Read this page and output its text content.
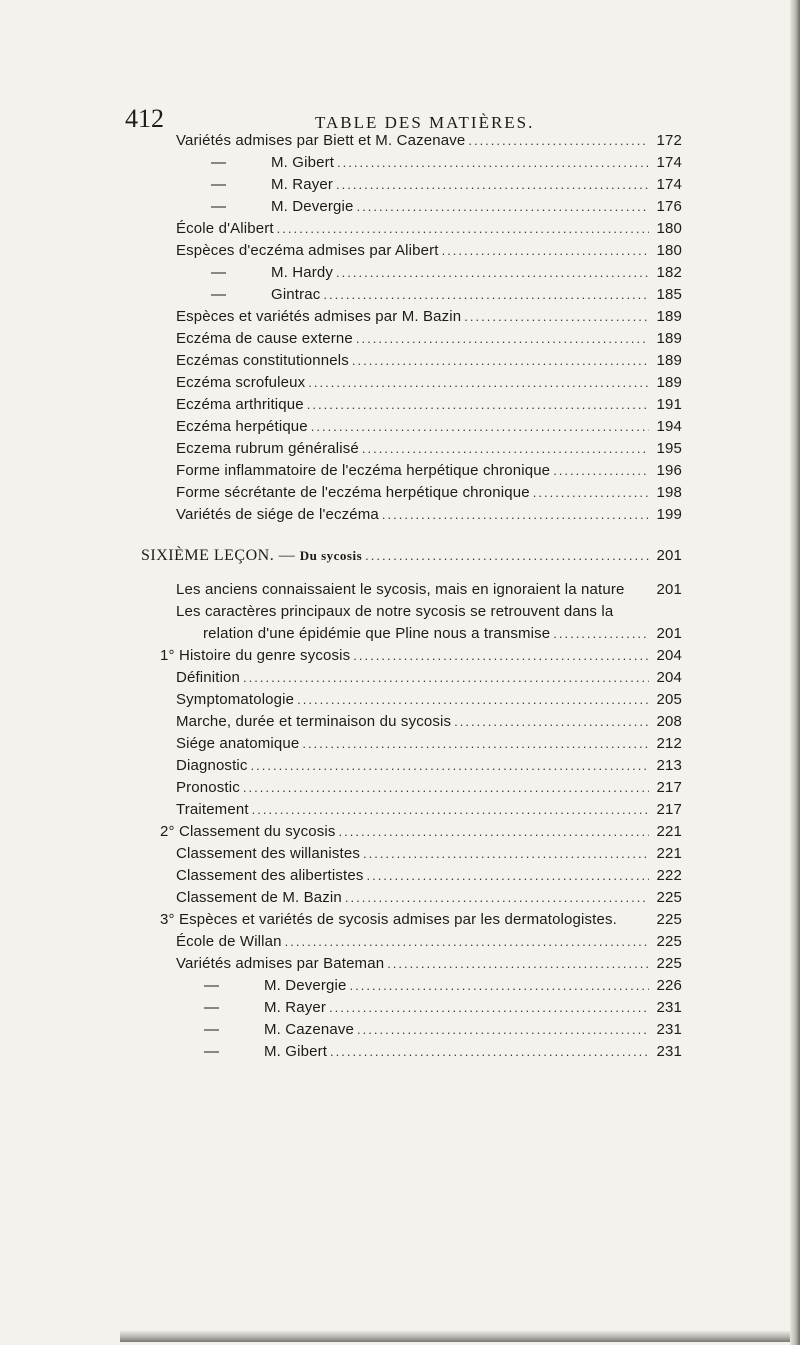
412	TABLE DES MATIÈRES.
Variétés admises par Biett et M. Cazenave .....	172
—	M. Gibert .....	174
—	M. Rayer .....	174
—	M. Devergie .....	176
École d'Alibert .....	180
Espèces d'eczéma admises par Alibert .....	180
—	M. Hardy .....	182
—	Gintrac .....	185
Espèces et variétés admises par M. Bazin .....	189
Eczéma de cause externe .....	189
Eczémas constitutionnels .....	189
Eczéma scrofuleux .....	189
Eczéma arthritique .....	191
Eczéma herpétique .....	194
Eczema rubrum généralisé .....	195
Forme inflammatoire de l'eczéma herpétique chronique .....	196
Forme sécrétante de l'eczéma herpétique chronique .....	198
Variétés de siége de l'eczéma .....	199
SIXIÈME LEÇON. — Du sycosis .....	201
Les anciens connaissaient le sycosis, mais en ignoraient la nature	201
Les caractères principaux de notre sycosis se retrouvent dans la
relation d'une épidémie que Pline nous a transmise .....	201
1° Histoire du genre sycosis .....	204
Définition .....	204
Symptomatologie .....	205
Marche, durée et terminaison du sycosis .....	208
Siége anatomique .....	212
Diagnostic .....	213
Pronostic .....	217
Traitement .....	217
2° Classement du sycosis .....	221
Classement des willanistes .....	221
Classement des alibertistes .....	222
Classement de M. Bazin .....	225
3° Espèces et variétés de sycosis admises par les dermatologistes.	225
École de Willan .....	225
Variétés admises par Bateman .....	225
—	M. Devergie .....	226
—	M. Rayer .....	231
—	M. Cazenave .....	231
—	M. Gibert .....	231
